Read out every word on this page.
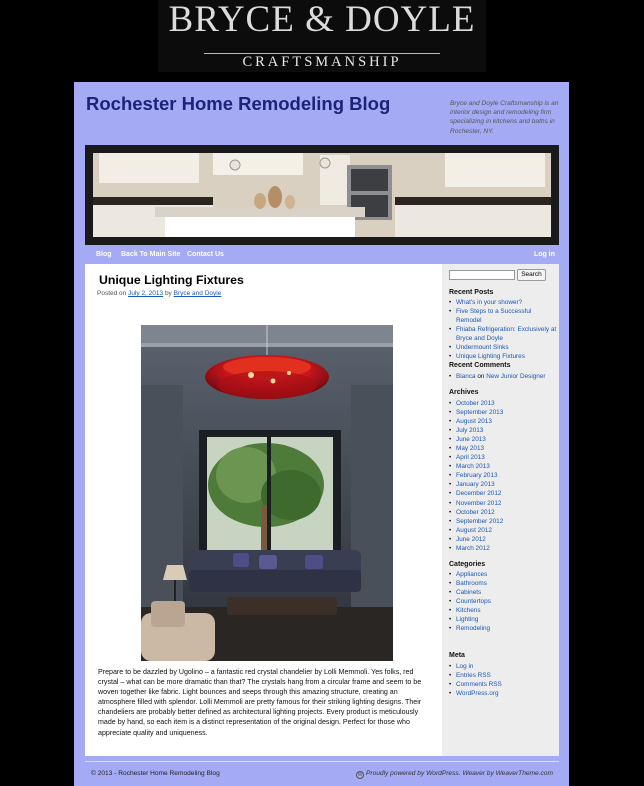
BRYCE & DOYLE
CRAFTSMANSHIP
Rochester Home Remodeling Blog	Bryce and Doyle Craftsmanship is an interior design and remodeling firm specializing in kitchens and baths in Rochester, NY.
Blog Back To Main Site Contact Us	Log in
Unique Lighting Fixtures
Posted on July 2, 2013 by Bryce and Doyle
Prepare to be dazzled by Ugolino – a fantastic red crystal chandelier by Lolli Memmoli. Yes folks, red crystal – what can be more dramatic than that? The crystals hang from a circular frame and seem to be woven together like fabric. Light bounces and seeps through this amazing structure, creating an atmosphere filled with splendor. Lolli Memmoli are pretty famous for their striking lighting designs. Their chandeliers are probably better defined as architectural lighting projects. Every product is meticulously made by hand, so each item is a distinct representation of the original design. Perfect for those who appreciate quality and uniqueness.
Search
Recent Posts
• What's in your shower?
• Five Steps to a Successful Remodel
• Fhiaba Refrigeration: Exclusively at Bryce and Doyle
• Undermount Sinks
• Unique Lighting Fixtures
Recent Comments
• Bianca on New Junior Designer
Archives
• October 2013
• September 2013
• August 2013
• July 2013
• June 2013
• May 2013
• April 2013
• March 2013
• February 2013
• January 2013
• December 2012
• November 2012
• October 2012
• September 2012
• August 2012
• June 2012
• March 2012
Categories
• Appliances
• Bathrooms
• Cabinets
• Countertops
• Kitchens
• Lighting
• Remodeling
Meta
• Log in
• Entries RSS
• Comments RSS
• WordPress.org
© 2013 - Rochester Home Remodeling Blog	W Proudly powered by WordPress. Weaver by WeaverTheme.com
